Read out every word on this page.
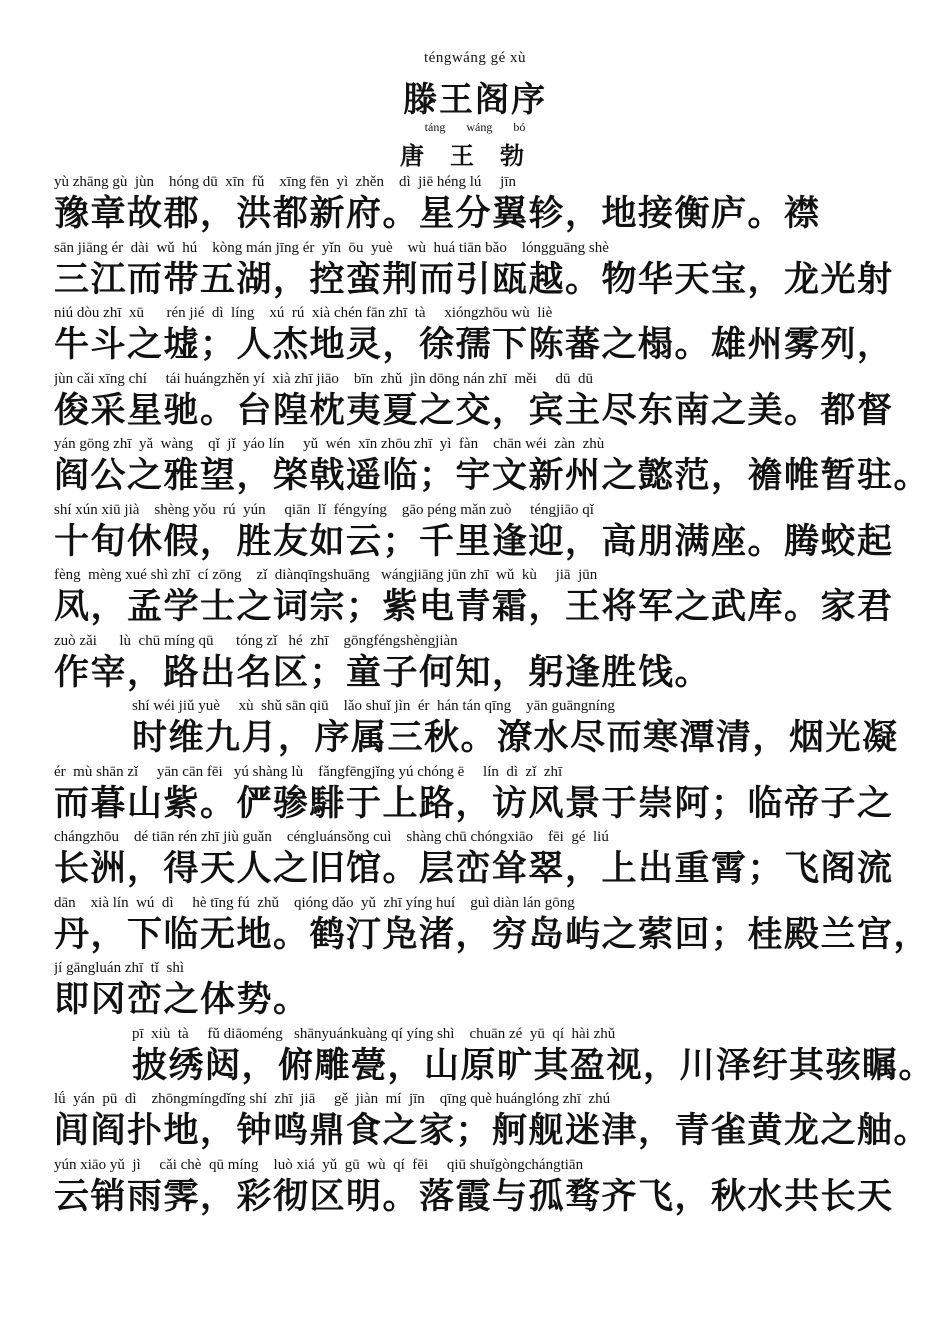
téngwáng gé xù
滕王阁序
táng wáng bó
唐王勃
yù zhāng gù  jùn    hóng dū  xīn  fǔ    xīng fēn  yì  zhěn    dì  jiē héng lú     jīn
豫章故郡，洪都新府。星分翼轸，地接衡庐。襟
sān jiāng ér  dài  wǔ  hú    kòng mán jīng ér  yǐn  ōu  yuè    wù  huá tiān bǎo    lóngguāng shè
三江而带五湖，控蛮荆而引瓯越。物华天宝，龙光射
niú dòu zhī  xū      rén jié  dì  líng    xú  rú  xià chén fān zhī  tà     xióngzhōu wù  liè
牛斗之墟；人杰地灵，徐孺下陈蕃之榻。雄州雾列，
jùn cǎi xīng chí     tái huángzhěn yí  xià zhī jiāo    bīn  zhǔ  jìn dōng nán zhī  měi     dū  dū
俊采星驰。台隍枕夷夏之交，宾主尽东南之美。都督
yán gōng zhī  yǎ  wàng    qǐ  jǐ  yáo lín     yǔ  wén  xīn zhōu zhī  yì  fàn    chān wéi  zàn  zhù
阎公之雅望，棨戟遥临；宇文新州之懿范，襜帷暂驻。
shí xún xiū jià    shèng yǒu  rú  yún     qiān  lǐ  féngyíng    gāo péng mǎn zuò     téngjiāo qǐ
十旬休假，胜友如云；千里逢迎，高朋满座。腾蛟起
fèng  mèng xué shì zhī  cí zōng    zǐ  diànqīngshuāng   wángjiāng jūn zhī  wǔ  kù     jiā  jūn
凤，孟学士之词宗；紫电青霜，王将军之武库。家君
zuò zǎi      lù  chū míng qū      tóng zǐ   hé  zhī    gōngféngshèngjiàn
作宰，路出名区；童子何知，躬逢胜饯。
shí wéi jiǔ yuè     xù  shǔ sān qiū    lǎo shuǐ jìn  ér  hán tán qīng    yān guāngníng
时维九月，序属三秋。潦水尽而寒潭清，烟光凝
ér  mù shān zǐ     yān cān fēi   yú shàng lù    fǎngfēngjǐng yú chóng ē     lín  dì  zǐ  zhī
而暮山紫。俨骖騑于上路，访风景于崇阿；临帝子之
chángzhōu    dé tiān rén zhī jiù guǎn    céngluánsǒng cuì    shàng chū chóngxiāo    fēi  gé  liú
长洲，得天人之旧馆。层峦耸翠，上出重霄；飞阁流
dān    xià lín  wú  dì     hè tīng fú  zhǔ    qióng dǎo  yǔ  zhī yíng huí    guì diàn lán gōng
丹，下临无地。鹤汀凫渚，穷岛屿之萦回；桂殿兰宫，
jí gāngluán zhī  tǐ  shì
即冈峦之体势。
pī  xiù  tà     fǔ diāoméng   shānyuánkuàng qí yíng shì    chuān zé  yū  qí  hài zhǔ
披绣闼，俯雕甍，山原旷其盈视，川泽纡其骇瞩。
lǘ  yán  pū  dì    zhōngmíngdǐng shí  zhī  jiā     gě  jiàn  mí  jīn    qīng què huánglóng zhī  zhú
闾阎扑地，钟鸣鼎食之家；舸舰迷津，青雀黄龙之舳。
yún xiāo yǔ  jì     cǎi chè  qū míng    luò xiá  yǔ  gū  wù  qí  fēi     qiū shuǐgòngchángtiān
云销雨霁，彩彻区明。落霞与孤骛齐飞，秋水共长天
